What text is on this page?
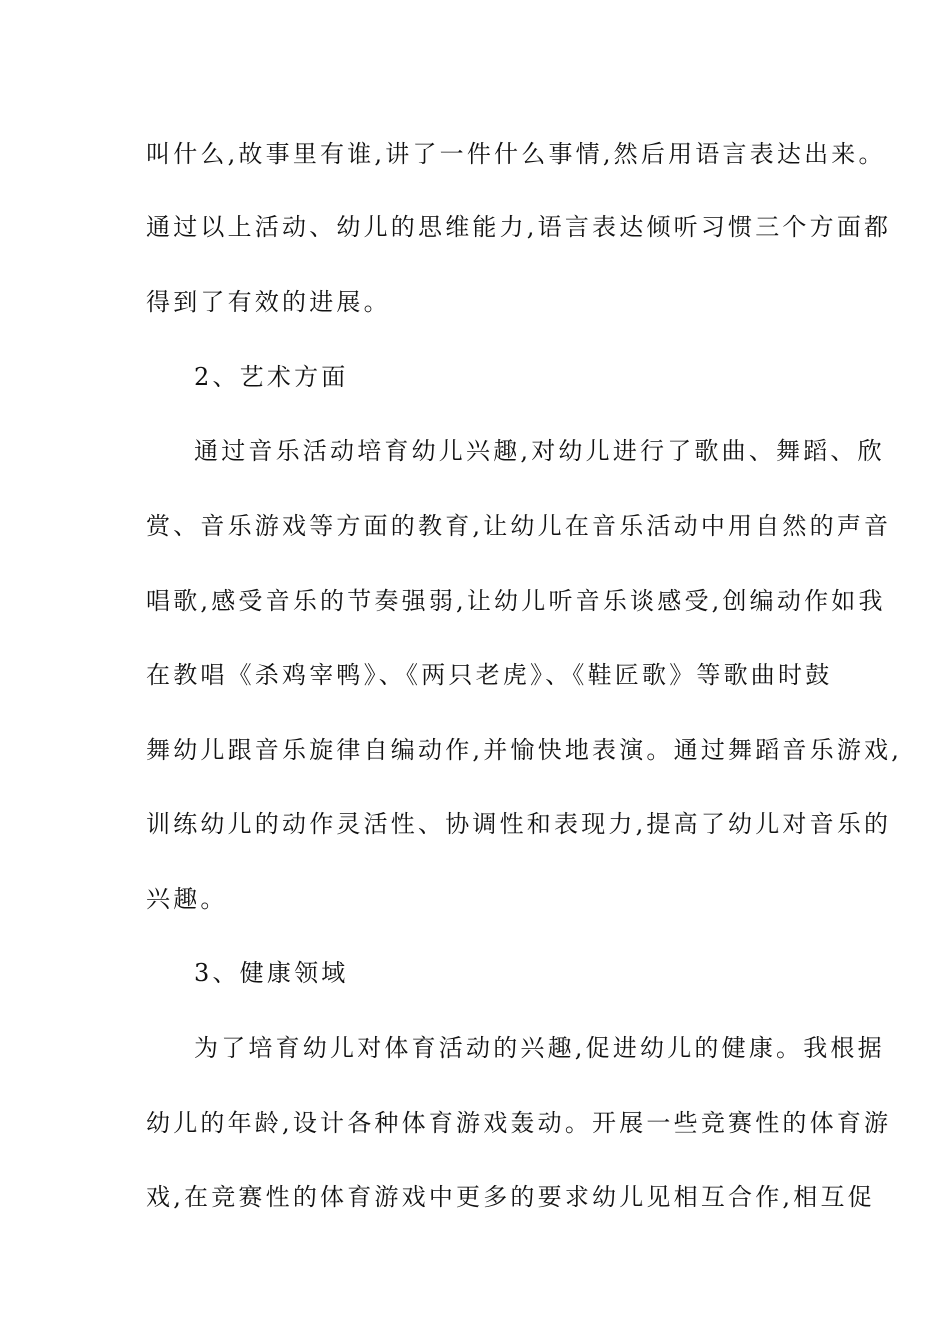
叫什么,故事里有谁,讲了一件什么事情,然后用语言表达出来。
通过以上活动、幼儿的思维能力,语言表达倾听习惯三个方面都
得到了有效的进展。
2、艺术方面
通过音乐活动培育幼儿兴趣,对幼儿进行了歌曲、舞蹈、欣
赏、音乐游戏等方面的教育,让幼儿在音乐活动中用自然的声音
唱歌,感受音乐的节奏强弱,让幼儿听音乐谈感受,创编动作如我
在教唱《杀鸡宰鸭》、《两只老虎》、《鞋匠歌》等歌曲时鼓
舞幼儿跟音乐旋律自编动作,并愉快地表演。通过舞蹈音乐游戏,
训练幼儿的动作灵活性、协调性和表现力,提高了幼儿对音乐的
兴趣。
3、健康领域
为了培育幼儿对体育活动的兴趣,促进幼儿的健康。我根据
幼儿的年龄,设计各种体育游戏轰动。开展一些竞赛性的体育游
戏,在竞赛性的体育游戏中更多的要求幼儿见相互合作,相互促
